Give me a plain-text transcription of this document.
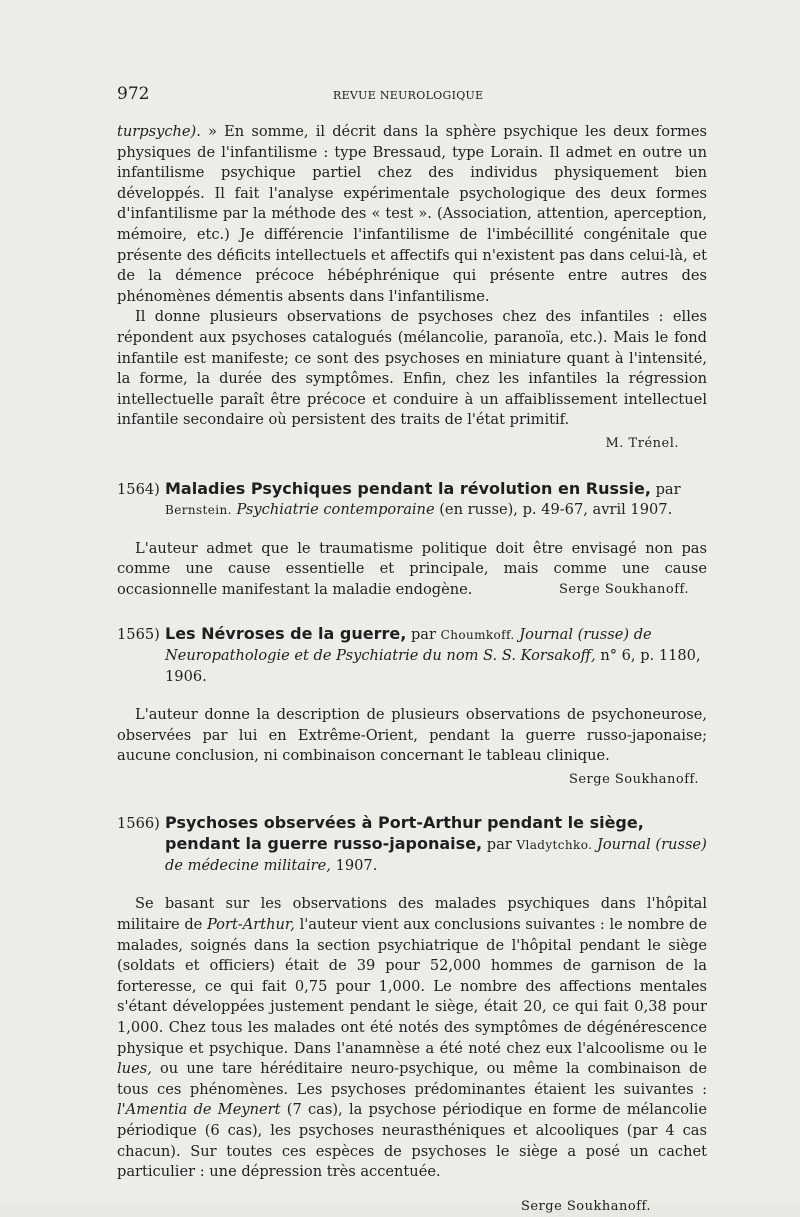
972	REVUE NEUROLOGIQUE

turpsyche). » En somme, il décrit dans la sphère psychique les deux formes physiques de l'infantilisme : type Bressaud, type Lorain. Il admet en outre un infantilisme psychique partiel chez des individus physiquement bien développés. Il fait l'analyse expérimentale psychologique des deux formes d'infantilisme par la méthode des « test ». (Association, attention, aperception, mémoire, etc.) Je différencie l'infantilisme de l'imbécillité congénitale que présente des déficits intellectuels et affectifs qui n'existent pas dans celui-là, et de la démence précoce hébéphrénique qui présente entre autres des phénomènes démentis absents dans l'infantilisme.

Il donne plusieurs observations de psychoses chez des infantiles : elles répondent aux psychoses catalogués (mélancolie, paranoïa, etc.). Mais le fond infantile est manifeste; ce sont des psychoses en miniature quant à l'intensité, la forme, la durée des symptômes. Enfin, chez les infantiles la régression intellectuelle paraît être précoce et conduire à un affaiblissement intellectuel infantile secondaire où persistent des traits de l'état primitif.

M. Trénel.

1564) Maladies Psychiques pendant la révolution en Russie, par Bernstein. Psychiatrie contemporaine (en russe), p. 49-67, avril 1907.

L'auteur admet que le traumatisme politique doit être envisagé non pas comme une cause essentielle et principale, mais comme une cause occasionnelle manifestant la maladie endogène.	Serge Soukhanoff.

1565) Les Névroses de la guerre, par Choumkoff. Journal (russe) de Neuropathologie et de Psychiatrie du nom S. S. Korsakoff, n° 6, p. 1180, 1906.

L'auteur donne la description de plusieurs observations de psychoneurose, observées par lui en Extrême-Orient, pendant la guerre russo-japonaise; aucune conclusion, ni combinaison concernant le tableau clinique.

Serge Soukhanoff.

1566) Psychoses observées à Port-Arthur pendant le siège, pendant la guerre russo-japonaise, par Vladytchko. Journal (russe) de médecine militaire, 1907.

Se basant sur les observations des malades psychiques dans l'hôpital militaire de Port-Arthur, l'auteur vient aux conclusions suivantes : le nombre de malades, soignés dans la section psychiatrique de l'hôpital pendant le siège (soldats et officiers) était de 39 pour 52,000 hommes de garnison de la forteresse, ce qui fait 0,75 pour 1,000. Le nombre des affections mentales s'étant développées justement pendant le siège, était 20, ce qui fait 0,38 pour 1,000. Chez tous les malades ont été notés des symptômes de dégénérescence physique et psychique. Dans l'anamnèse a été noté chez eux l'alcoolisme ou le lues, ou une tare héréditaire neuro-psychique, ou même la combinaison de tous ces phénomènes. Les psychoses prédominantes étaient les suivantes : l'Amentia de Meynert (7 cas), la psychose périodique en forme de mélancolie périodique (6 cas), les psychoses neurasthéniques et alcooliques (par 4 cas chacun). Sur toutes ces espèces de psychoses le siège a posé un cachet particulier : une dépression très accentuée.

Serge Soukhanoff.
